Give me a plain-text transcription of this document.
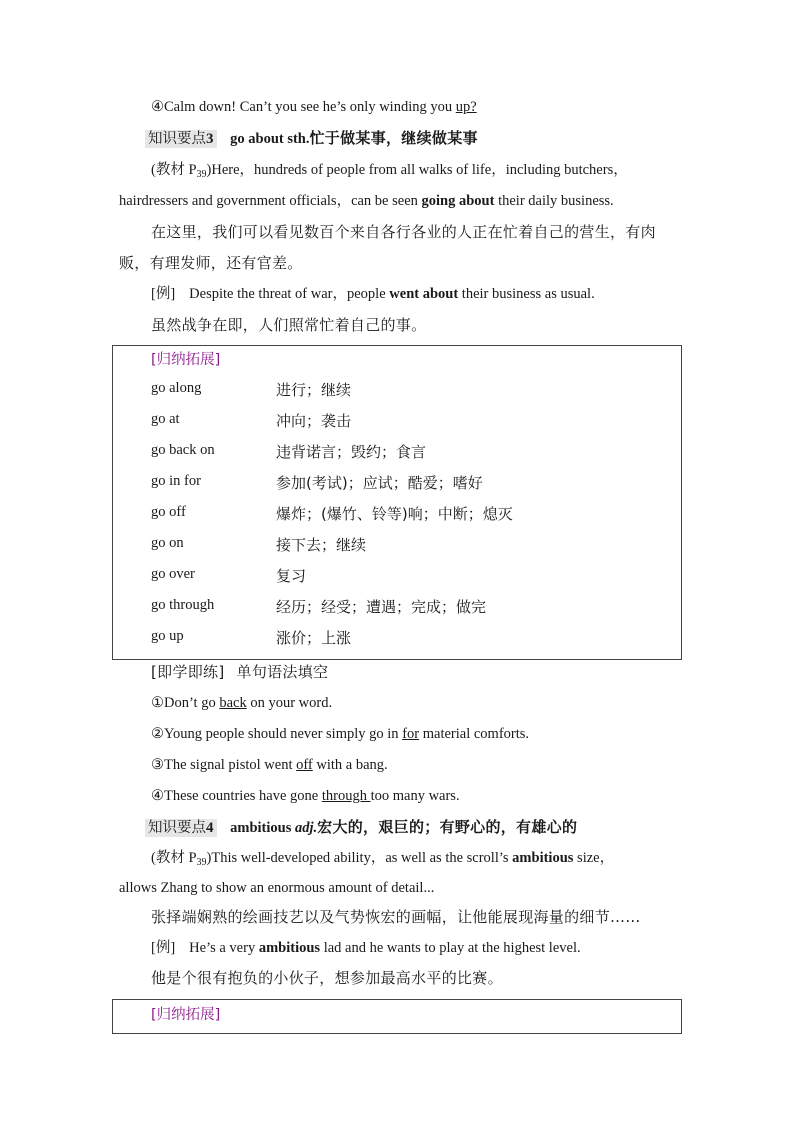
④Calm down! Can’t you see he’s only winding you up?
知识要点3 go about sth.忙于做某事，继续做某事
(教材 $P_{39})Here$，hundreds of people from all walks of life，including butchers，
hairdressers and government officials，can be seen going about their daily business.
在这里，我们可以看见数百个来自各行各业的人正在忙着自己的营生，有肉
贩，有理发师，还有官差。
[例] Despite the threat of war，people went about their business as usual.
虽然战争在即，人们照常忙着自己的事。
[归纳拓展]
go along	进行；继续
go at	冲向；袭击
go back on	违背诺言；毁约；食言
go in for	参加(考试)；应试；酷爱；嗜好
go off	爆炸；(爆竹、铃等)响；中断；熄灭
go on	接下去；继续
go over	复习
go through	经历；经受；遭遇；完成；做完
go up	涨价；上涨
[即学即练] 单句语法填空
①Don’t go back on your word.
②Young people should never simply go in for material comforts.
③The signal pistol went off with a bang.
④These countries have gone through too many wars.
知识要点4 ambitious adj.宏大的，艰巨的；有野心的，有雄心的
(教材 $P_{39})This$ well-developed ability，as well as the scroll’s ambitious size，
allows Zhang to show an enormous amount of detail...
张择端娴熟的绘画技艺以及气势恢宏的画幅，让他能展现海量的细节……
[例] He’s a very ambitious lad and he wants to play at the highest level.
他是个很有抱负的小伙子，想参加最高水平的比赛。
[归纳拓展]
